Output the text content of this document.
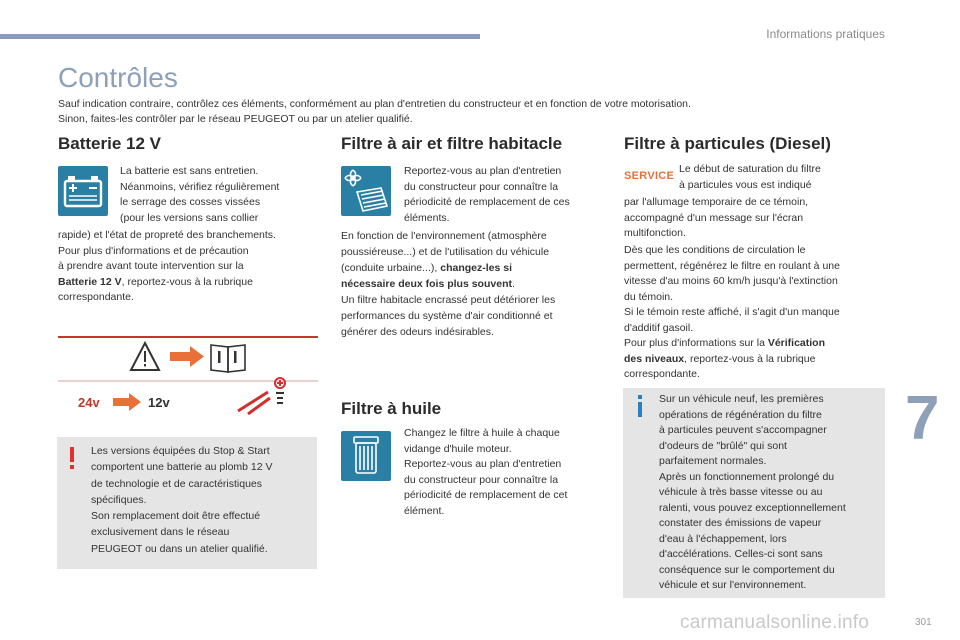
Informations pratiques
Contrôles
Sauf indication contraire, contrôlez ces éléments, conformément au plan d'entretien du constructeur et en fonction de votre motorisation.
Sinon, faites-les contrôler par le réseau PEUGEOT ou par un atelier qualifié.
Batterie 12 V
La batterie est sans entretien.
Néanmoins, vérifiez régulièrement
le serrage des cosses vissées
(pour les versions sans collier
rapide) et l'état de propreté des branchements.
Pour plus d'informations et de précaution
à prendre avant toute intervention sur la
Batterie 12 V, reportez-vous à la rubrique
correspondante.
24v	12v
Les versions équipées du Stop & Start
comportent une batterie au plomb 12 V
de technologie et de caractéristiques
spécifiques.
Son remplacement doit être effectué
exclusivement dans le réseau
PEUGEOT ou dans un atelier qualifié.
Filtre à air et filtre habitacle
Reportez-vous au plan d'entretien
du constructeur pour connaître la
périodicité de remplacement de ces
éléments.
En fonction de l'environnement (atmosphère
poussiéreuse...) et de l'utilisation du véhicule
(conduite urbaine...), changez-les si
nécessaire deux fois plus souvent.
Un filtre habitacle encrassé peut détériorer les
performances du système d'air conditionné et
générer des odeurs indésirables.
Filtre à huile
Changez le filtre à huile à chaque
vidange d'huile moteur.
Reportez-vous au plan d'entretien
du constructeur pour connaître la
périodicité de remplacement de cet
élément.
Filtre à particules (Diesel)
SERVICE
Le début de saturation du filtre
à particules vous est indiqué
par l'allumage temporaire de ce témoin,
accompagné d'un message sur l'écran
multifonction.
Dès que les conditions de circulation le
permettent, régénérez le filtre en roulant à une
vitesse d'au moins 60 km/h jusqu'à l'extinction
du témoin.
Si le témoin reste affiché, il s'agit d'un manque
d'additif gasoil.
Pour plus d'informations sur la Vérification
des niveaux, reportez-vous à la rubrique
correspondante.
Sur un véhicule neuf, les premières
opérations de régénération du filtre
à particules peuvent s'accompagner
d'odeurs de "brûlé" qui sont
parfaitement normales.
Après un fonctionnement prolongé du
véhicule à très basse vitesse ou au
ralenti, vous pouvez exceptionnellement
constater des émissions de vapeur
d'eau à l'échappement, lors
d'accélérations. Celles-ci sont sans
conséquence sur le comportement du
véhicule et sur l'environnement.
7
carmanualsonline.info	301
